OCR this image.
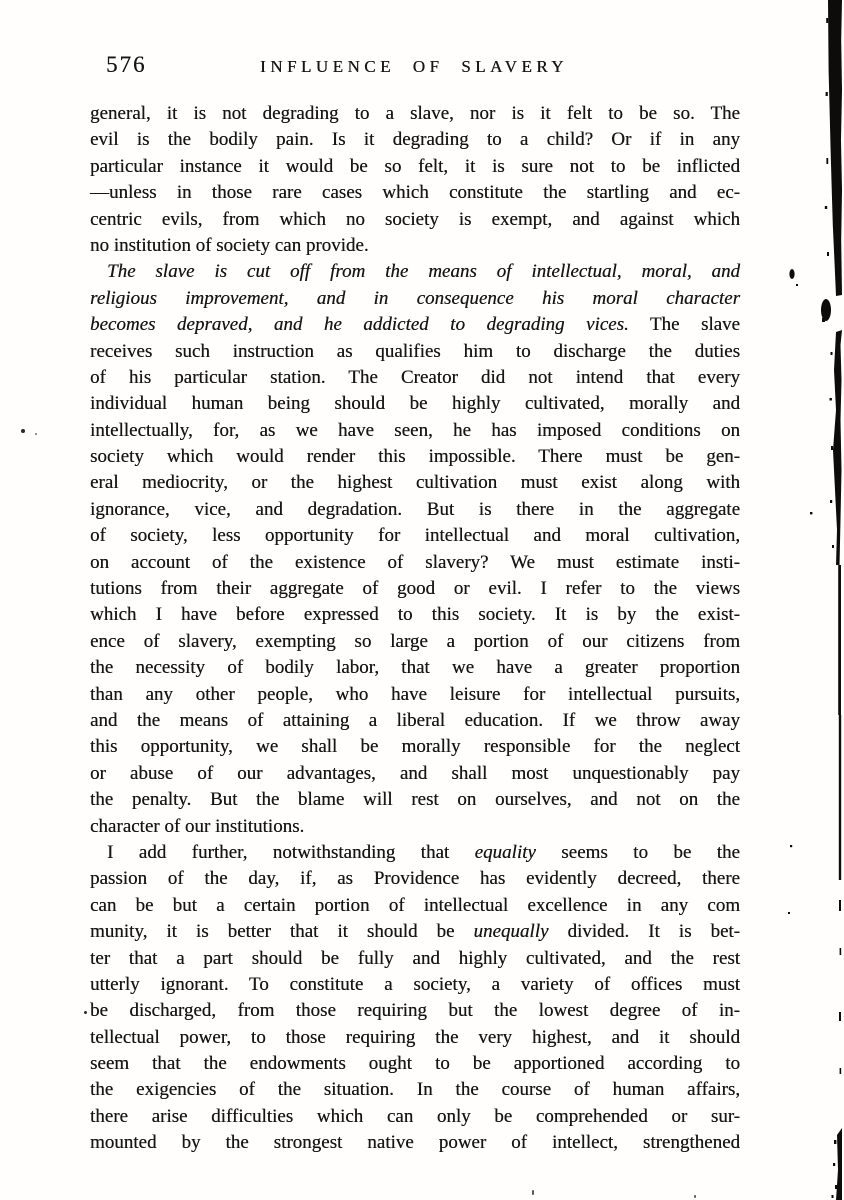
576	INFLUENCE OF SLAVERY
general, it is not degrading to a slave, nor is it felt to be so. The
evil is the bodily pain. Is it degrading to a child? Or if in any
particular instance it would be so felt, it is sure not to be inflicted
—unless in those rare cases which constitute the startling and ec-
centric evils, from which no society is exempt, and against which
no institution of society can provide.
The slave is cut off from the means of intellectual, moral, and
religious improvement, and in consequence his moral character
becomes depraved, and he addicted to degrading vices. The slave
receives such instruction as qualifies him to discharge the duties
of his particular station. The Creator did not intend that every
individual human being should be highly cultivated, morally and
intellectually, for, as we have seen, he has imposed conditions on
society which would render this impossible. There must be gen-
eral mediocrity, or the highest cultivation must exist along with
ignorance, vice, and degradation. But is there in the aggregate
of society, less opportunity for intellectual and moral cultivation,
on account of the existence of slavery? We must estimate insti-
tutions from their aggregate of good or evil. I refer to the views
which I have before expressed to this society. It is by the exist-
ence of slavery, exempting so large a portion of our citizens from
the necessity of bodily labor, that we have a greater proportion
than any other people, who have leisure for intellectual pursuits,
and the means of attaining a liberal education. If we throw away
this opportunity, we shall be morally responsible for the neglect
or abuse of our advantages, and shall most unquestionably pay
the penalty. But the blame will rest on ourselves, and not on the
character of our institutions.
I add further, notwithstanding that equality seems to be the
passion of the day, if, as Providence has evidently decreed, there
can be but a certain portion of intellectual excellence in any com
munity, it is better that it should be unequally divided. It is bet-
ter that a part should be fully and highly cultivated, and the rest
utterly ignorant. To constitute a society, a variety of offices must
be discharged, from those requiring but the lowest degree of in-
tellectual power, to those requiring the very highest, and it should
seem that the endowments ought to be apportioned according to
the exigencies of the situation. In the course of human affairs,
there arise difficulties which can only be comprehended or sur-
mounted by the strongest native power of intellect, strengthened
